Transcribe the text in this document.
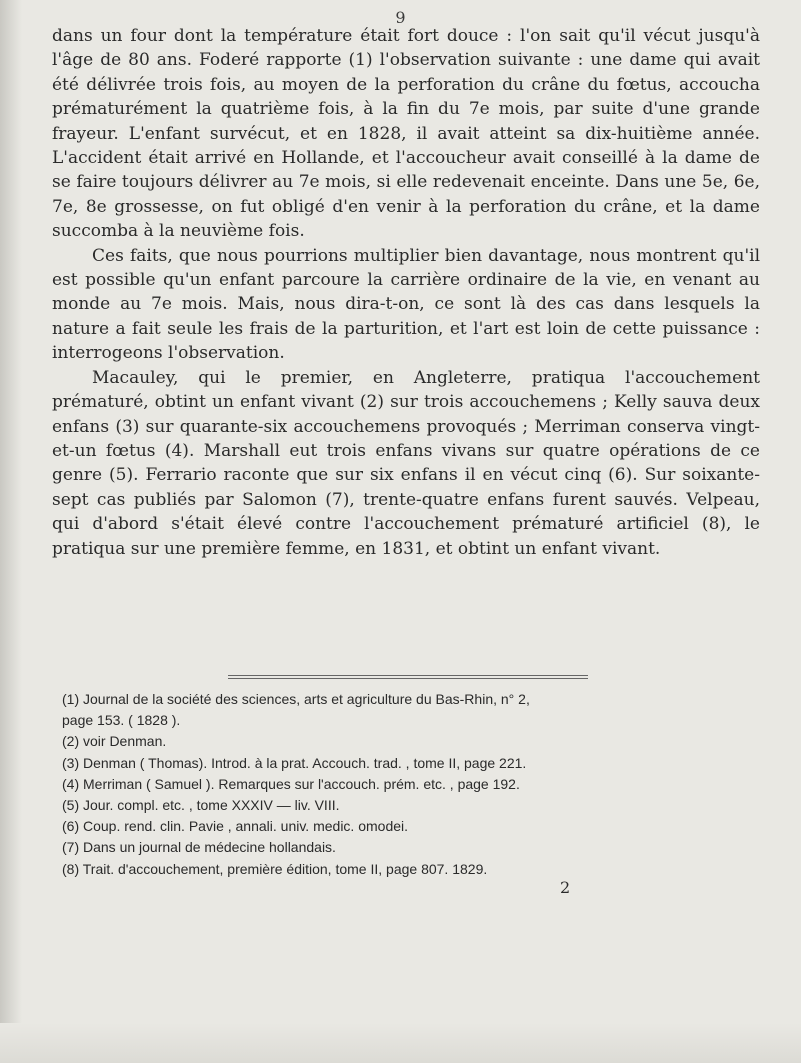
9

dans un four dont la température était fort douce : l'on sait qu'il vécut jusqu'à l'âge de 80 ans. Foderé rapporte (1) l'observation suivante : une dame qui avait été délivrée trois fois, au moyen de la perforation du crâne du fœtus, accoucha prématurément la quatrième fois, à la fin du 7e mois, par suite d'une grande frayeur. L'enfant survécut, et en 1828, il avait atteint sa dix-huitième année. L'accident était arrivé en Hollande, et l'accoucheur avait conseillé à la dame de se faire toujours délivrer au 7e mois, si elle redevenait enceinte. Dans une 5e, 6e, 7e, 8e grossesse, on fut obligé d'en venir à la perforation du crâne, et la dame succomba à la neuvième fois.

Ces faits, que nous pourrions multiplier bien davantage, nous montrent qu'il est possible qu'un enfant parcoure la carrière ordinaire de la vie, en venant au monde au 7e mois. Mais, nous dira-t-on, ce sont là des cas dans lesquels la nature a fait seule les frais de la parturition, et l'art est loin de cette puissance : interrogeons l'observation.

Macauley, qui le premier, en Angleterre, pratiqua l'accouchement prématuré, obtint un enfant vivant (2) sur trois accouchemens ; Kelly sauva deux enfans (3) sur quarante-six accouchemens provoqués ; Merriman conserva vingt-et-un fœtus (4). Marshall eut trois enfans vivans sur quatre opérations de ce genre (5). Ferrario raconte que sur six enfans il en vécut cinq (6). Sur soixante-sept cas publiés par Salomon (7), trente-quatre enfans furent sauvés. Velpeau, qui d'abord s'était élevé contre l'accouchement prématuré artificiel (8), le pratiqua sur une première femme, en 1831, et obtint un enfant vivant.

(1) Journal de la société des sciences, arts et agriculture du Bas-Rhin, n° 2,

page 153. ( 1828 ).

(2) voir Denman.

(3) Denman ( Thomas). Introd. à la prat. Accouch. trad. , tome II, page 221.

(4) Merriman ( Samuel ). Remarques sur l'accouch. prém. etc. , page 192.

(5) Jour. compl. etc. , tome XXXIV — liv. VIII.

(6) Coup. rend. clin. Pavie , annali. univ. medic. omodei.

(7) Dans un journal de médecine hollandais.

(8) Trait. d'accouchement, première édition, tome II, page 807. 1829.

2
